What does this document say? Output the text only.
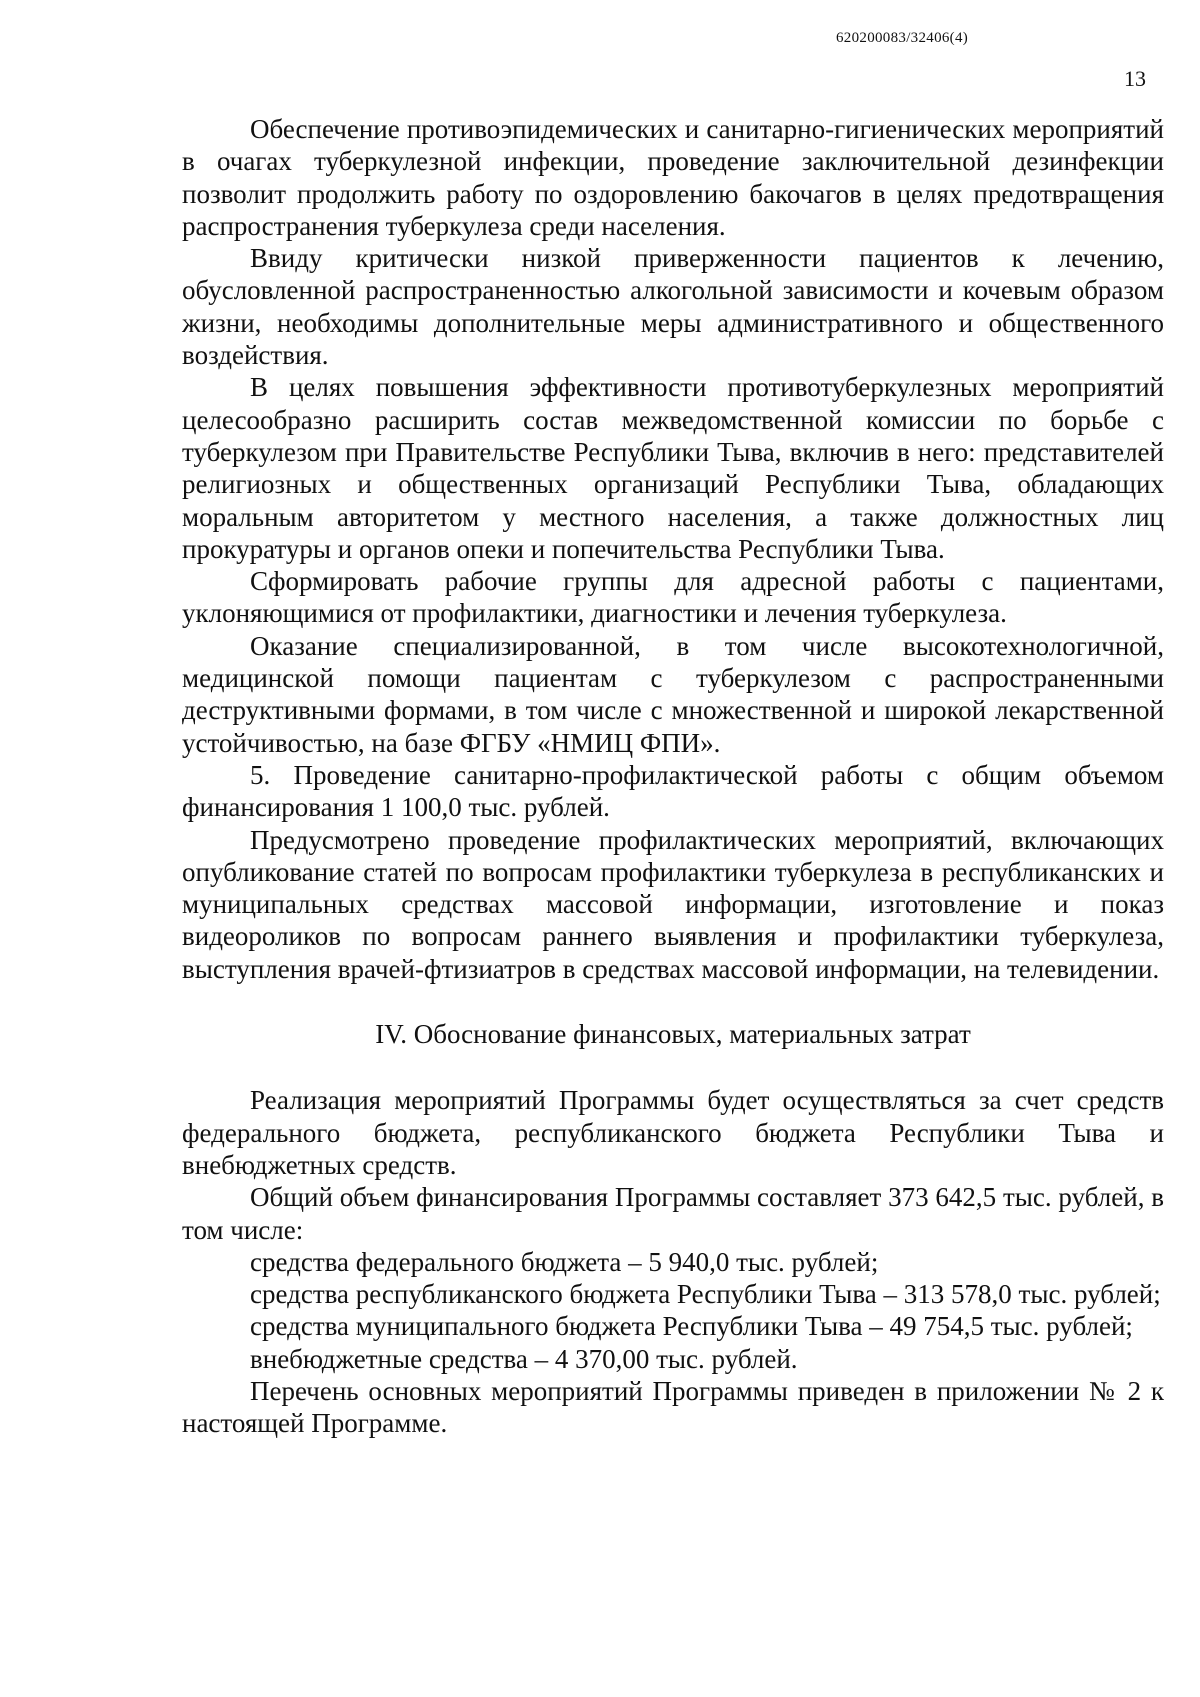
620200083/32406(4)
13

Обеспечение противоэпидемических и санитарно-гигиенических мероприятий в очагах туберкулезной инфекции, проведение заключительной дезинфекции позволит продолжить работу по оздоровлению бакочагов в целях предотвращения распространения туберкулеза среди населения.

Ввиду критически низкой приверженности пациентов к лечению, обусловленной распространенностью алкогольной зависимости и кочевым образом жизни, необходимы дополнительные меры административного и общественного воздействия.

В целях повышения эффективности противотуберкулезных мероприятий целесообразно расширить состав межведомственной комиссии по борьбе с туберкулезом при Правительстве Республики Тыва, включив в него: представителей религиозных и общественных организаций Республики Тыва, обладающих моральным авторитетом у местного населения, а также должностных лиц прокуратуры и органов опеки и попечительства Республики Тыва.

Сформировать рабочие группы для адресной работы с пациентами, уклоняющимися от профилактики, диагностики и лечения туберкулеза.

Оказание специализированной, в том числе высокотехнологичной, медицинской помощи пациентам с туберкулезом с распространенными деструктивными формами, в том числе с множественной и широкой лекарственной устойчивостью, на базе ФГБУ «НМИЦ ФПИ».

5. Проведение санитарно-профилактической работы с общим объемом финансирования 1 100,0 тыс. рублей.

Предусмотрено проведение профилактических мероприятий, включающих опубликование статей по вопросам профилактики туберкулеза в республиканских и муниципальных средствах массовой информации, изготовление и показ видеороликов по вопросам раннего выявления и профилактики туберкулеза, выступления врачей-фтизиатров в средствах массовой информации, на телевидении.

IV. Обоснование финансовых, материальных затрат

Реализация мероприятий Программы будет осуществляться за счет средств федерального бюджета, республиканского бюджета Республики Тыва и внебюджетных средств.

Общий объем финансирования Программы составляет 373 642,5 тыс. рублей, в том числе:

средства федерального бюджета – 5 940,0 тыс. рублей;

средства республиканского бюджета Республики Тыва – 313 578,0 тыс. рублей;

средства муниципального бюджета Республики Тыва – 49 754,5 тыс. рублей;

внебюджетные средства – 4 370,00 тыс. рублей.

Перечень основных мероприятий Программы приведен в приложении № 2 к настоящей Программе.
